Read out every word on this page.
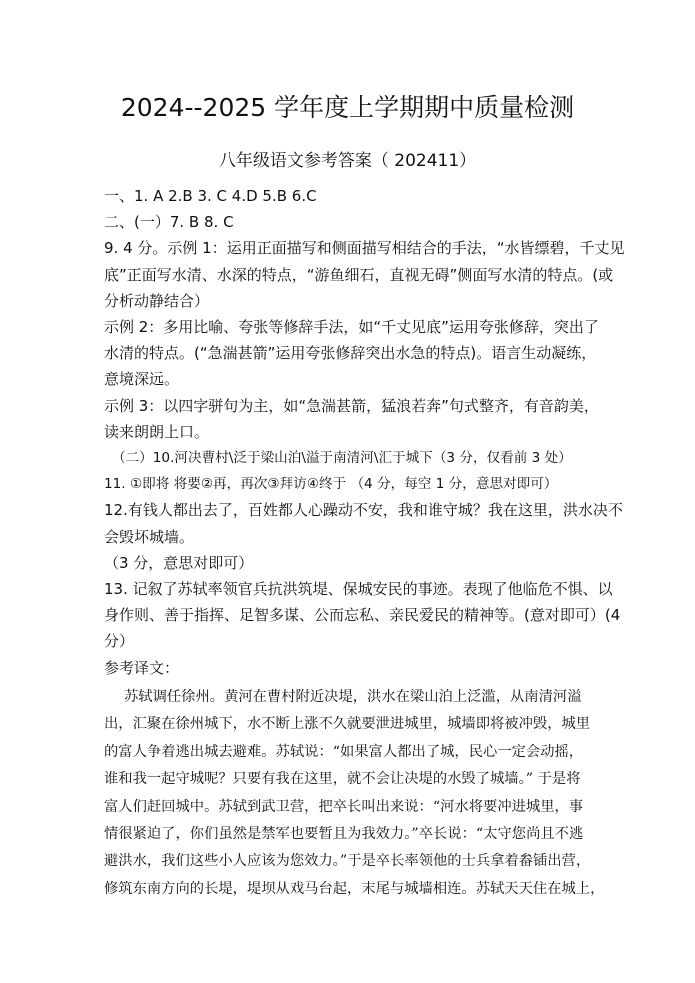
2024--2025 学年度上学期期中质量检测
八年级语文参考答案（ 202411）

一、1. A 2.B 3. C 4.D 5.B 6.C

二、(一）7. B 8. C

9. 4 分。示例 1：运用正面描写和侧面描写相结合的手法，“水皆缥碧，千丈见

底”正面写水清、水深的特点，“游鱼细石，直视无碍”侧面写水清的特点。(或

分析动静结合）

示例 2：多用比喻、夸张等修辞手法，如“千丈见底”运用夸张修辞，突出了

水清的特点。(“急湍甚箭”运用夸张修辞突出水急的特点)。语言生动凝练，

意境深远。

示例 3：以四字骈句为主，如“急湍甚箭，猛浪若奔”句式整齐，有音韵美，

读来朗朗上口。

（二）10.河决曹村\泛于梁山泊\溢于南清河\汇于城下（3 分，仅看前 3 处）

11. ①即将 将要②再，再次③拜访④终于 （4 分，每空 1 分，意思对即可）

12.有钱人都出去了，百姓都人心躁动不安，我和谁守城？我在这里，洪水决不

会毁坏城墙。

（3 分，意思对即可）

13. 记叙了苏轼率领官兵抗洪筑堤、保城安民的事迹。表现了他临危不惧、以

身作则、善于指挥、足智多谋、公而忘私、亲民爱民的精神等。(意对即可）(4

分）

参考译文：

苏轼调任徐州。黄河在曹村附近决堤，洪水在梁山泊上泛滥，从南清河溢

出，汇聚在徐州城下，水不断上涨不久就要泄进城里，城墙即将被冲毁，城里

的富人争着逃出城去避难。苏轼说：“如果富人都出了城，民心一定会动摇，

谁和我一起守城呢？只要有我在这里，就不会让决堤的水毁了城墙。” 于是将

富人们赶回城中。苏轼到武卫营，把卒长叫出来说：“河水将要冲进城里，事

情很紧迫了，你们虽然是禁军也要暂且为我效力。”卒长说：“太守您尚且不逃

避洪水，我们这些小人应该为您效力。”于是卒长率领他的士兵拿着畚锸出营，

修筑东南方向的长堤，堤坝从戏马台起，末尾与城墙相连。苏轼天天住在城上，
